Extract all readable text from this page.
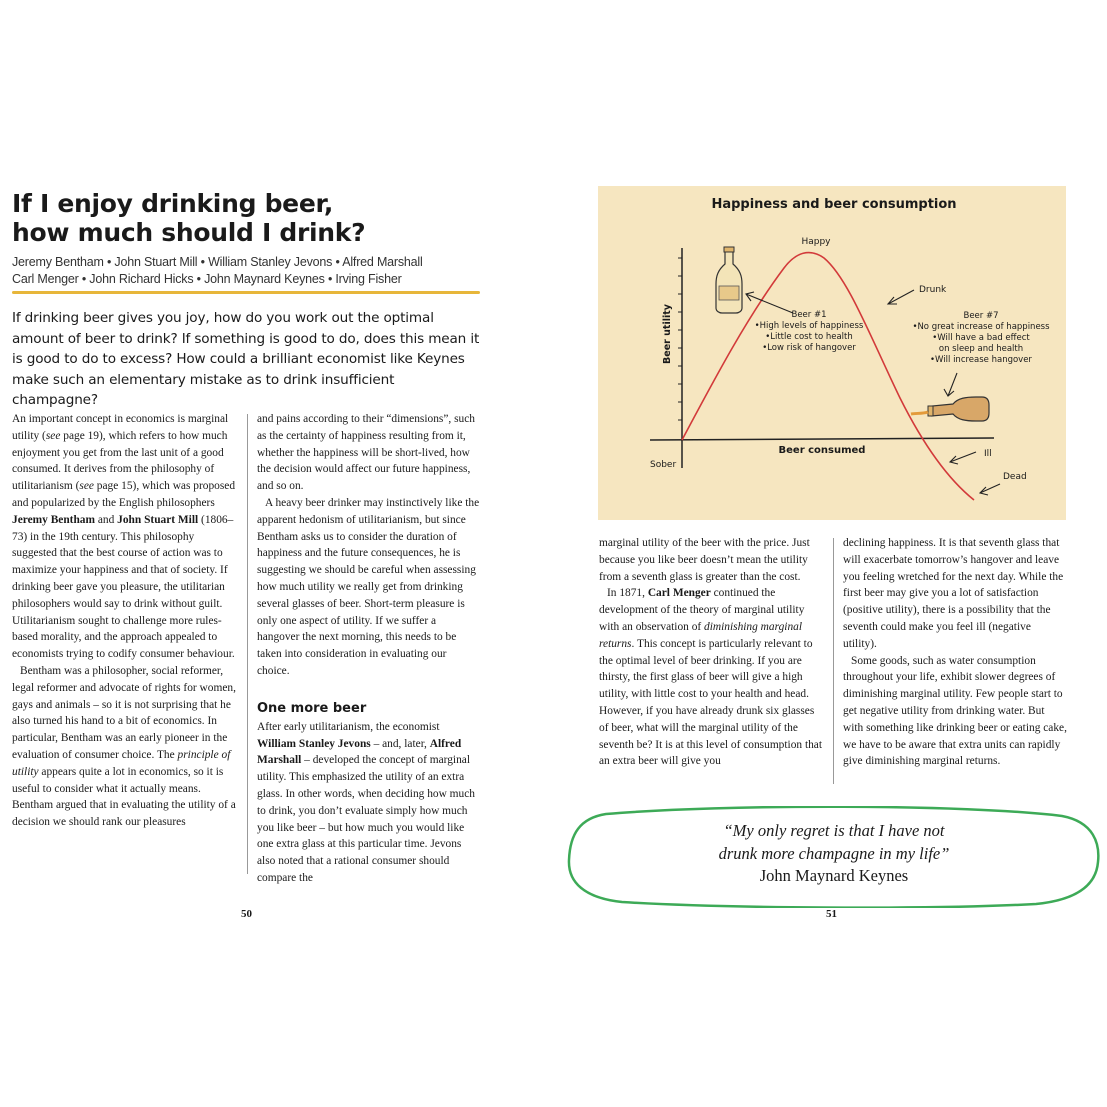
If I enjoy drinking beer,
how much should I drink?
Jeremy Bentham • John Stuart Mill • William Stanley Jevons • Alfred Marshall
Carl Menger • John Richard Hicks • John Maynard Keynes • Irving Fisher

If drinking beer gives you joy, how do you work out the optimal amount of beer to drink? If something is good to do, does this mean it is good to do to excess? How could a brilliant economist like Keynes make such an elementary mistake as to drink insufficient champagne?

An important concept in economics is marginal utility (see page 19), which refers to how much enjoyment you get from the last unit of a good consumed. It derives from the philosophy of utilitarianism (see page 15), which was proposed and popularized by the English philosophers Jeremy Bentham and John Stuart Mill (1806–73) in the 19th century. This philosophy suggested that the best course of action was to maximize your happiness and that of society. If drinking beer gave you pleasure, the utilitarian philosophers would say to drink without guilt. Utilitarianism sought to challenge more rules-based morality, and the approach appealed to economists trying to codify consumer behaviour.

Bentham was a philosopher, social reformer, legal reformer and advocate of rights for women, gays and animals – so it is not surprising that he also turned his hand to a bit of economics. In particular, Bentham was an early pioneer in the evaluation of consumer choice. The principle of utility appears quite a lot in economics, so it is useful to consider what it actually means. Bentham argued that in evaluating the utility of a decision we should rank our pleasures

and pains according to their “dimensions”, such as the certainty of happiness resulting from it, whether the happiness will be short-lived, how the decision would affect our future happiness, and so on.

A heavy beer drinker may instinctively like the apparent hedonism of utilitarianism, but since Bentham asks us to consider the duration of happiness and the future consequences, he is suggesting we should be careful when assessing how much utility we really get from drinking several glasses of beer. Short-term pleasure is only one aspect of utility. If we suffer a hangover the next morning, this needs to be taken into consideration in evaluating our choice.

One more beer

After early utilitarianism, the economist William Stanley Jevons – and, later, Alfred Marshall – developed the concept of marginal utility. This emphasized the utility of an extra glass. In other words, when deciding how much to drink, you don’t evaluate simply how much you like beer – but how much you would like one extra glass at this particular time. Jevons also noted that a rational consumer should compare the

50
Happiness and beer consumption
Beer utility
Beer consumed
Happy
Drunk
Sober
Ill
Dead
Beer #1
•High levels of happiness
•Little cost to health
•Low risk of hangover
Beer #7
•No great increase of happiness
•Will have a bad effect
on sleep and health
•Will increase hangover

marginal utility of the beer with the price. Just because you like beer doesn’t mean the utility from a seventh glass is greater than the cost.

In 1871, Carl Menger continued the development of the theory of marginal utility with an observation of diminishing marginal returns. This concept is particularly relevant to the optimal level of beer drinking. If you are thirsty, the first glass of beer will give a high utility, with little cost to your health and head. However, if you have already drunk six glasses of beer, what will the marginal utility of the seventh be? It is at this level of consumption that an extra beer will give you

declining happiness. It is that seventh glass that will exacerbate tomorrow’s hangover and leave you feeling wretched for the next day. While the first beer may give you a lot of satisfaction (positive utility), there is a possibility that the seventh could make you feel ill (negative utility).

Some goods, such as water consumption throughout your life, exhibit slower degrees of diminishing marginal utility. Few people start to get negative utility from drinking water. But with something like drinking beer or eating cake, we have to be aware that extra units can rapidly give diminishing marginal returns.

“My only regret is that I have not
drunk more champagne in my life”
John Maynard Keynes
51
